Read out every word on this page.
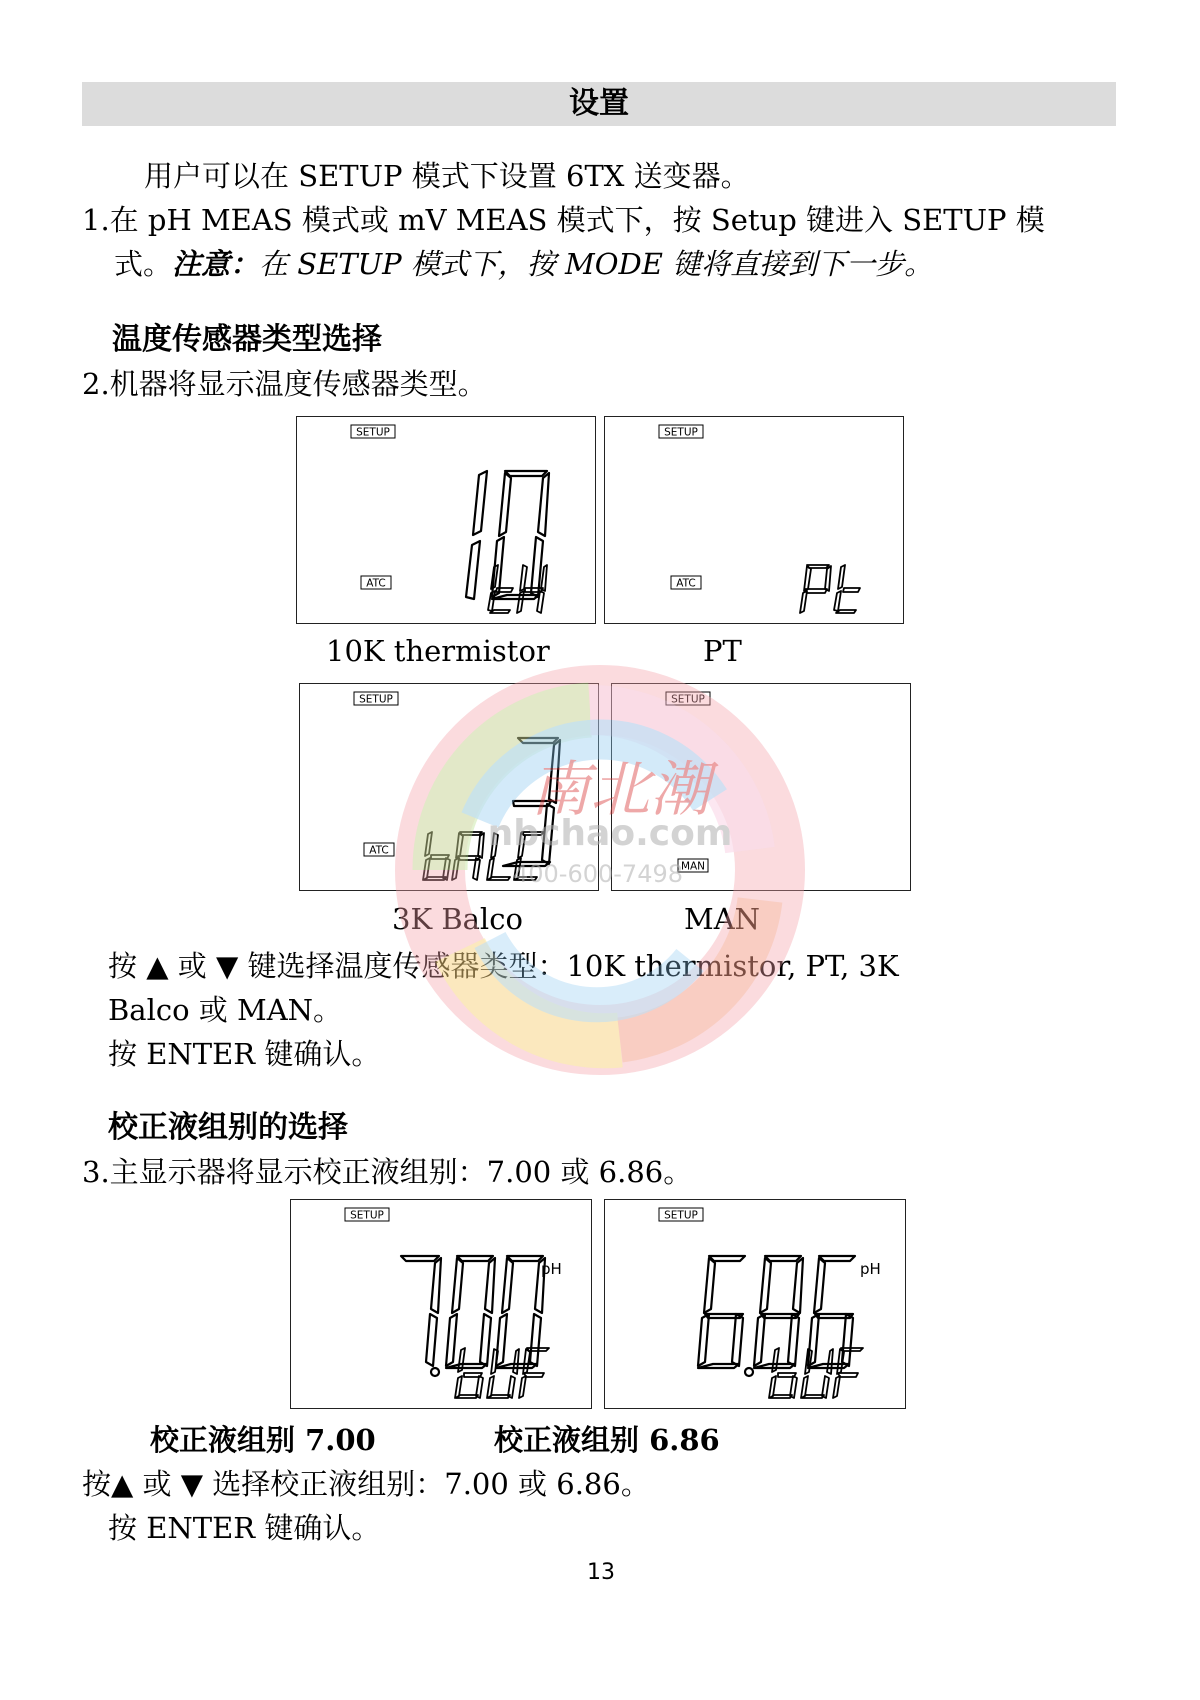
设置
用户可以在 SETUP 模式下设置 6TX 送变器。
1.在 pH MEAS 模式或 mV MEAS 模式下，按 Setup 键进入 SETUP 模
式。注意：在 SETUP 模式下，按 MODE 键将直接到下一步。
温度传感器类型选择
2.机器将显示温度传感器类型。
SETUP
ATC
SETUP
ATC
10K thermistor	PT
SETUP
ATC
SETUP
MAN
3K Balco	MAN
按 ▲ 或 ▼ 键选择温度传感器类型：10K thermistor, PT, 3K
Balco 或 MAN。
按 ENTER 键确认。
校正液组别的选择
3.主显示器将显示校正液组别：7.00 或 6.86。
SETUP
pH
SETUP
pH
校正液组别 7.00	校正液组别 6.86
按▲ 或 ▼ 选择校正液组别：7.00 或 6.86。
按 ENTER 键确认。
13
南北潮
nbchao.com
400-600-7498
